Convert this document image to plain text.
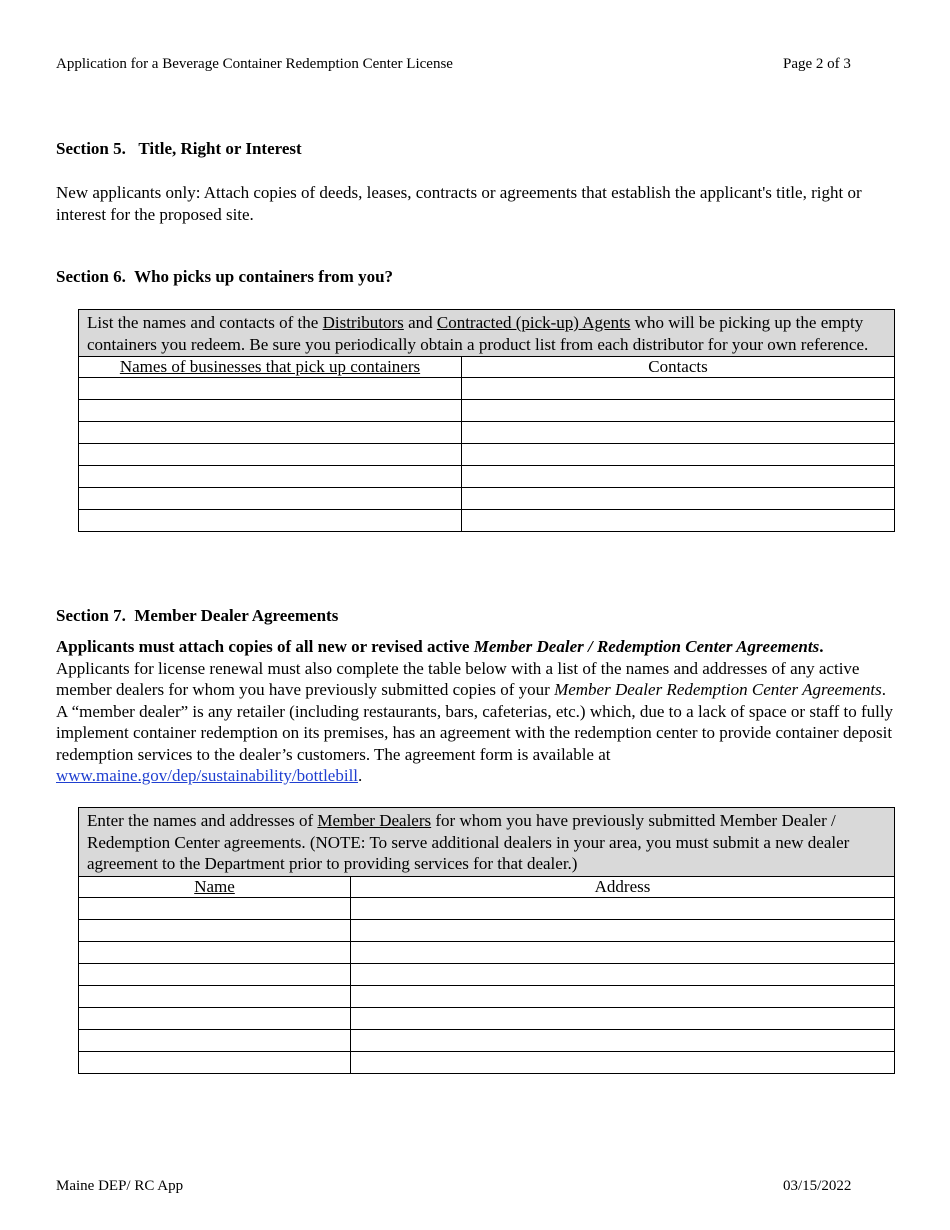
Application for a Beverage Container Redemption Center License	Page 2 of 3
Section 5.   Title, Right or Interest
New applicants only: Attach copies of deeds, leases, contracts or agreements that establish the applicant's title, right or interest for the proposed site.
Section 6.  Who picks up containers from you?
List the names and contacts of the Distributors and Contracted (pick-up) Agents who will be picking up the empty containers you redeem. Be sure you periodically obtain a product list from each distributor for your own reference.	
Names of businesses that pick up containers	Contacts

Section 7.  Member Dealer Agreements
Applicants must attach copies of all new or revised active Member Dealer / Redemption Center Agreements. Applicants for license renewal must also complete the table below with a list of the names and addresses of any active member dealers for whom you have previously submitted copies of your Member Dealer Redemption Center Agreements. A “member dealer” is any retailer (including restaurants, bars, cafeterias, etc.) which, due to a lack of space or staff to fully implement container redemption on its premises, has an agreement with the redemption center to provide container deposit redemption services to the dealer’s customers. The agreement form is available at www.maine.gov/dep/sustainability/bottlebill.
Enter the names and addresses of Member Dealers for whom you have previously submitted Member Dealer / Redemption Center agreements. (NOTE: To serve additional dealers in your area, you must submit a new dealer agreement to the Department prior to providing services for that dealer.)	
Name	Address

Maine DEP/ RC App	03/15/2022
